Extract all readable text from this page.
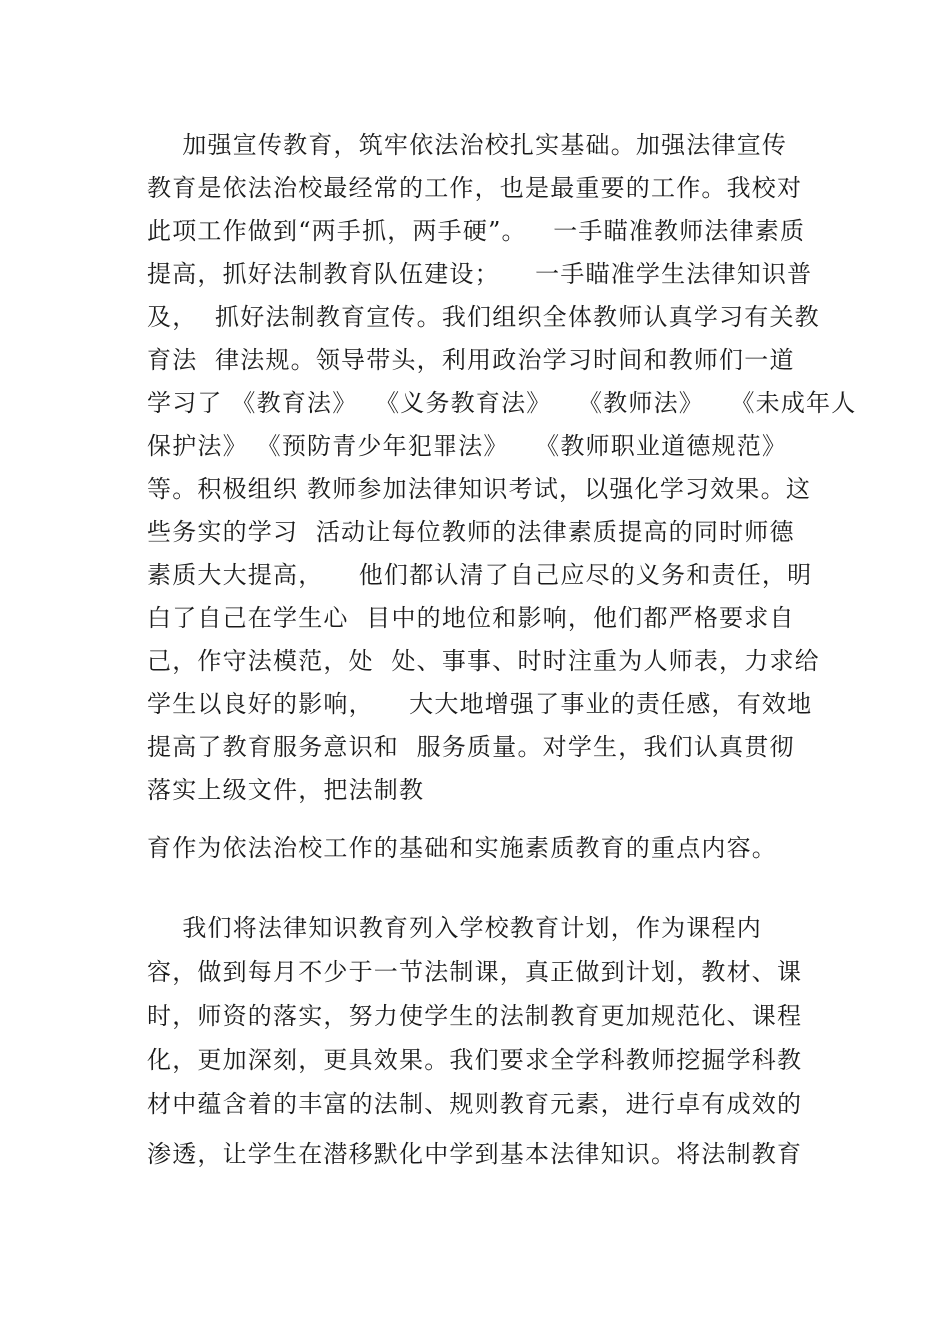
加强宣传教育，筑牢依法治校扎实基础。加强法律宣传
教育是依法治校最经常的工作，也是最重要的工作。我校对
此项工作做到“两手抓，两手硬”。   一手瞄准教师法律素质
提高，抓好法制教育队伍建设；    一手瞄准学生法律知识普
及，  抓好法制教育宣传。我们组织全体教师认真学习有关教
育法  律法规。领导带头，利用政治学习时间和教师们一道
学习了 《教育法》  《义务教育法》   《教师法》   《未成年人
保护法》 《预防青少年犯罪法》   《教师职业道德规范》
等。积极组织 教师参加法律知识考试，以强化学习效果。这
些务实的学习  活动让每位教师的法律素质提高的同时师德
素质大大提高，    他们都认清了自己应尽的义务和责任，明
白了自己在学生心  目中的地位和影响，他们都严格要求自
己，作守法模范，处  处、事事、时时注重为人师表，力求给
学生以良好的影响，    大大地增强了事业的责任感，有效地
提高了教育服务意识和  服务质量。对学生，我们认真贯彻
落实上级文件，把法制教
育作为依法治校工作的基础和实施素质教育的重点内容。
我们将法律知识教育列入学校教育计划，作为课程内
容，做到每月不少于一节法制课，真正做到计划，教材、课
时，师资的落实，努力使学生的法制教育更加规范化、课程
化，更加深刻，更具效果。我们要求全学科教师挖掘学科教
材中蕴含着的丰富的法制、规则教育元素，进行卓有成效的
渗透，让学生在潜移默化中学到基本法律知识。将法制教育
